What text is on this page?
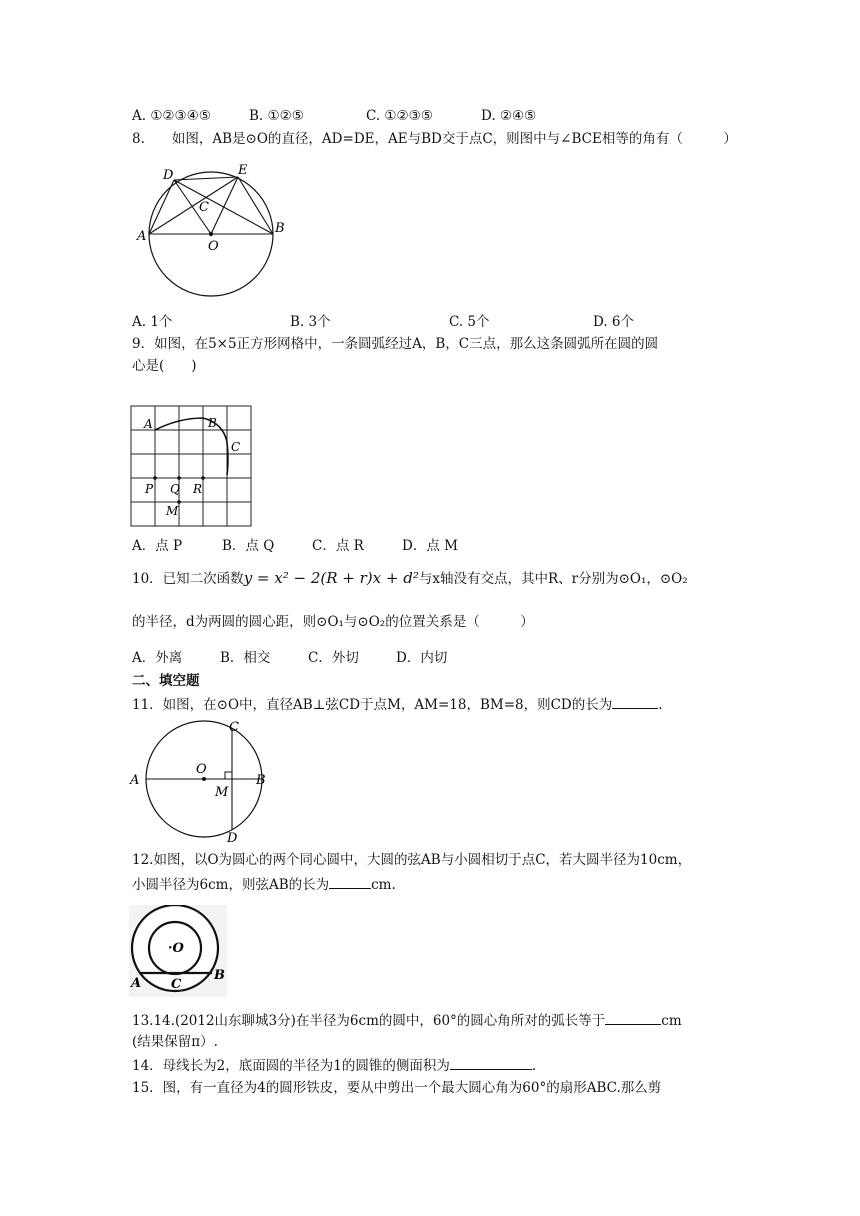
A. ①②③④⑤	B. ①②⑤	C. ①②③⑤	D. ②④⑤
8.　　如图，AB是⊙O的直径，AD=DE，AE与BD交于点C，则图中与∠BCE相等的角有（　　　）
D	E
C
A
O
B
A. 1个	B. 3个	C. 5个	D. 6个
9．如图，在5×5正方形网格中，一条圆弧经过A，B，C三点，那么这条圆弧所在圆的圆
心是(　　)
A	B
C
P Q R
M
A．点 P	B．点 Q	C．点 R	D．点 M
10．已知二次函数y = x² − 2(R + r)x + d²与x轴没有交点，其中R、r分别为⊙O₁，⊙O₂
的半径，d为两圆的圆心距，则⊙O₁与⊙O₂的位置关系是（　　　）
A．外离	B．相交	C．外切	D．内切
二、填空题
11．如图，在⊙O中，直径AB⊥弦CD于点M，AM=18，BM=8，则CD的长为	.
C
O
A	B
M
D
12.如图，以O为圆心的两个同心圆中，大圆的弦AB与小圆相切于点C，若大圆半径为10cm，
小圆半径为6cm，则弦AB的长为	cm.
·O
A C
B
13.14.(2012山东聊城3分)在半径为6cm的圆中，60°的圆心角所对的弧长等于	cm
(结果保留π）.
14．母线长为2，底面圆的半径为1的圆锥的侧面积为	.
15．图，有一直径为4的圆形铁皮，要从中剪出一个最大圆心角为60°的扇形ABC.那么剪
